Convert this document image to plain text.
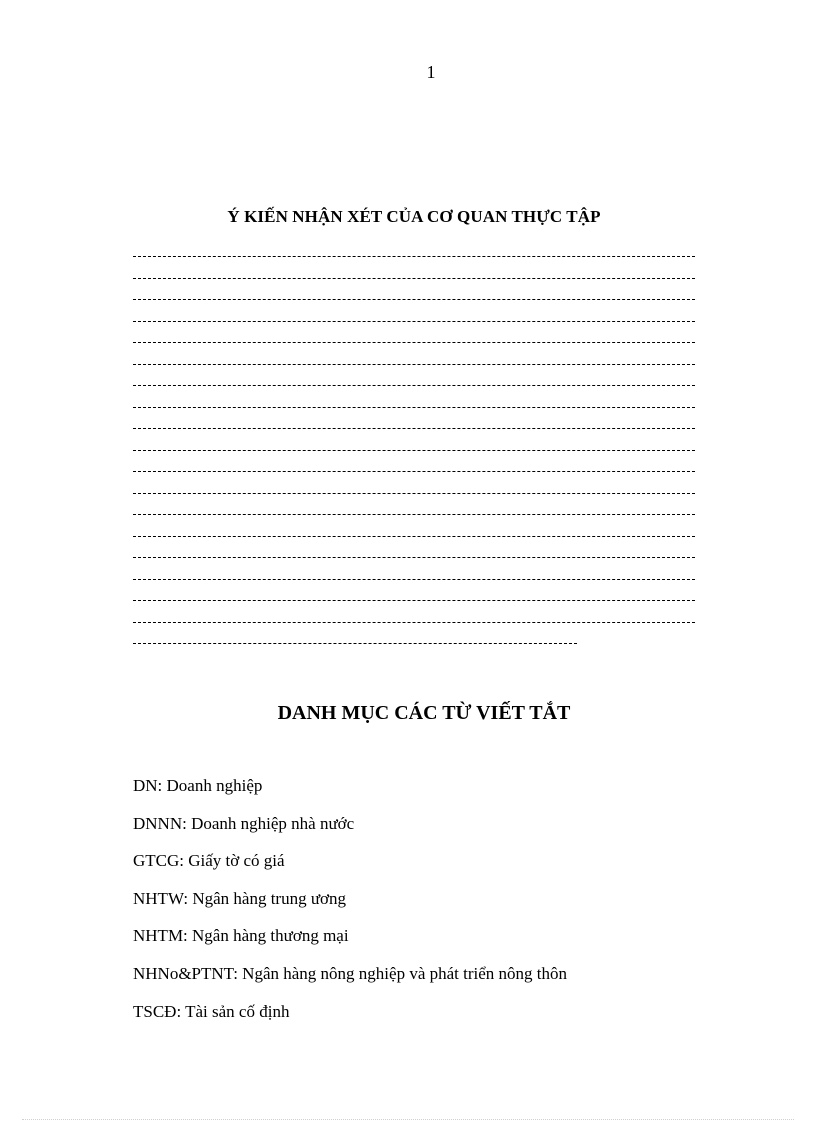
1
Ý KIẾN NHẬN XÉT CỦA CƠ QUAN THỰC TẬP
DANH MỤC CÁC TỪ VIẾT TẮT
DN: Doanh nghiệp
DNNN: Doanh nghiệp nhà nước
GTCG: Giấy tờ có giá
NHTW: Ngân hàng trung ương
NHTM: Ngân hàng thương mại
NHNo&PTNT: Ngân hàng nông nghiệp và phát triển nông thôn
TSCĐ: Tài sản cố định
